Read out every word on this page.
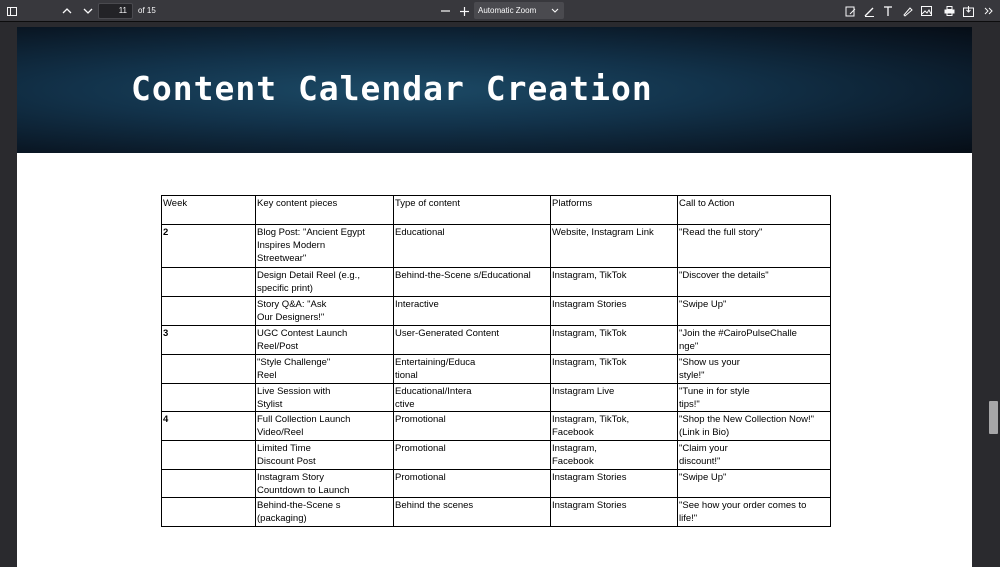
11	of 15	Automatic Zoom
Content Calendar Creation
Week	Key content pieces	Type of content	Platforms	Call to Action

2	Blog Post: "Ancient Egypt
Inspires Modern
Streetwear"	Educational	Website, Instagram Link	"Read the full story"

	Design Detail Reel (e.g.,
specific print)	Behind-the-Scene s/Educational	Instagram, TikTok	"Discover the details"

	Story Q&A: "Ask
Our Designers!"	Interactive	Instagram Stories	"Swipe Up"

3	UGC Contest Launch
Reel/Post	User-Generated Content	Instagram, TikTok	"Join the #CairoPulseChalle
nge"

	"Style Challenge"
Reel	Entertaining/Educa
tional	Instagram, TikTok	"Show us your
style!"

	Live Session with
Stylist	Educational/Intera
ctive	Instagram Live	"Tune in for style
tips!"

4	Full Collection Launch
Video/Reel	Promotional	Instagram, TikTok,
Facebook	"Shop the New Collection Now!"
(Link in Bio)

	Limited Time
Discount Post	Promotional	Instagram,
Facebook	"Claim your
discount!"

	Instagram Story
Countdown to Launch	Promotional	Instagram Stories	"Swipe Up"

	Behind-the-Scene s
(packaging)	Behind the scenes	Instagram Stories	"See how your order comes to
life!"
